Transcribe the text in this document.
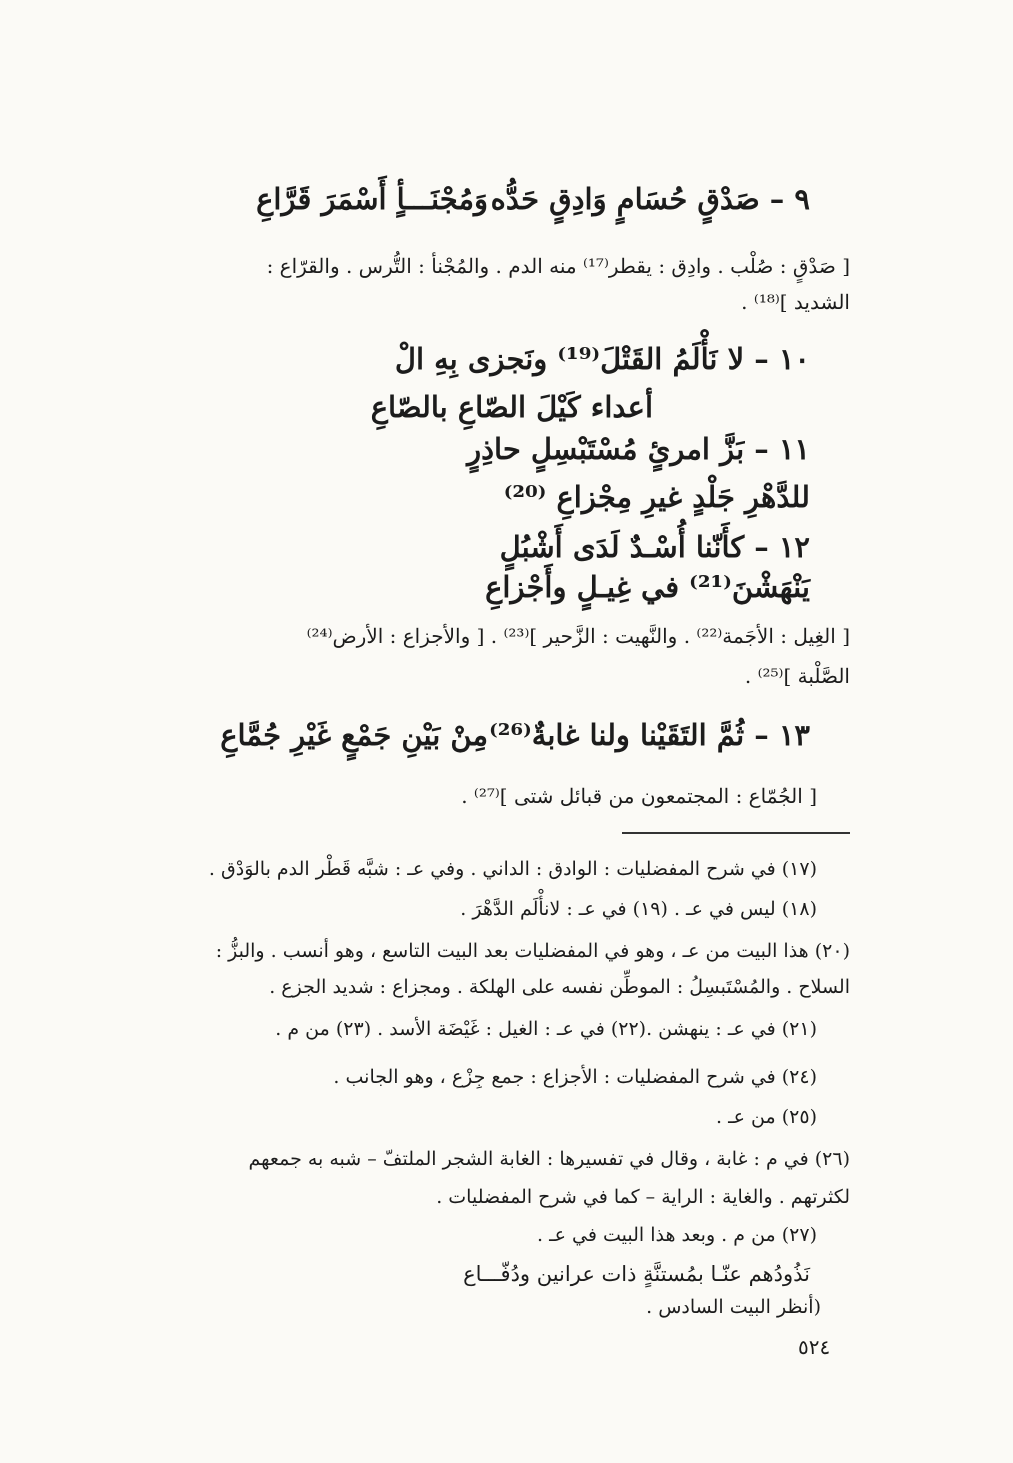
٩ – صَدْقٍ حُسَامٍ وَادِقٍ حَدُّه
وَمُجْنَـــأٍ أَسْمَرَ قَرَّاعِ
[ صَدْقٍ : صُلْب . وادِق : يقطر⁽¹⁷⁾ منه الدم . والمُجْنأ : التُّرس . والقرّاع :
الشديد ]⁽¹⁸⁾ .
١٠ – لا نَأْلَمُ القَتْلَ⁽¹⁹⁾ ونَجزى بِهِ الْ
أعداء كَيْلَ الصّاعِ بالصّاعِ
١١ – بَزَّ امرئٍ مُسْتَبْسِلٍ حاذِرٍ
للدَّهْرِ جَلْدٍ غيرِ مِجْزاعِ ⁽²⁰⁾
١٢ – كأَنّنا أُسْـدٌ لَدَى أَشْبُلٍ
يَنْهَشْنَ⁽²¹⁾ في غِيـلٍ وأَجْزاعِ
[ الغِيل : الأجَمة⁽²²⁾ . والنَّهيت : الزَّحير ]⁽²³⁾ . [ والأجزاع : الأرض⁽²⁴⁾
الصَّلْبة ]⁽²⁵⁾ .
١٣ – ثُمَّ التَقَيْنا ولنا غابةٌ⁽²⁶⁾
مِنْ بَيْنِ جَمْعٍ غَيْرِ جُمَّاعِ
[ الجُمّاع : المجتمعون من قبائل شتى ]⁽²⁷⁾ .
(١٧) في شرح المفضليات : الوادق : الداني . وفي عـ : شبَّه قَطْر الدم بالوَدْق .
(١٨) ليس في عـ . (١٩) في عـ : لانأْلَم الدَّهْرَ .
(٢٠) هذا البيت من عـ ، وهو في المفضليات بعد البيت التاسع ، وهو أنسب . والبزُّ :
السلاح . والمُسْتَبسِلُ : الموطِّن نفسه على الهلكة . ومجزاع : شديد الجزع .
(٢١) في عـ : ينهشن .(٢٢) في عـ : الغيل : غَيْضَة الأسد . (٢٣) من م .
(٢٤) في شرح المفضليات : الأجزاع : جمع جِزْع ، وهو الجانب .
(٢٥) من عـ .
(٢٦) في م : غابة ، وقال في تفسيرها : الغابة الشجر الملتفّ – شبه به جمعهم
لكثرتهم . والغاية : الراية – كما في شرح المفضليات .
(٢٧) من م . وبعد هذا البيت في عـ .
نَذُودُهم عنّـا بمُستنَّةٍ ذات عرانين ودُفّـــاع
(أنظر البيت السادس .
٥٢٤
